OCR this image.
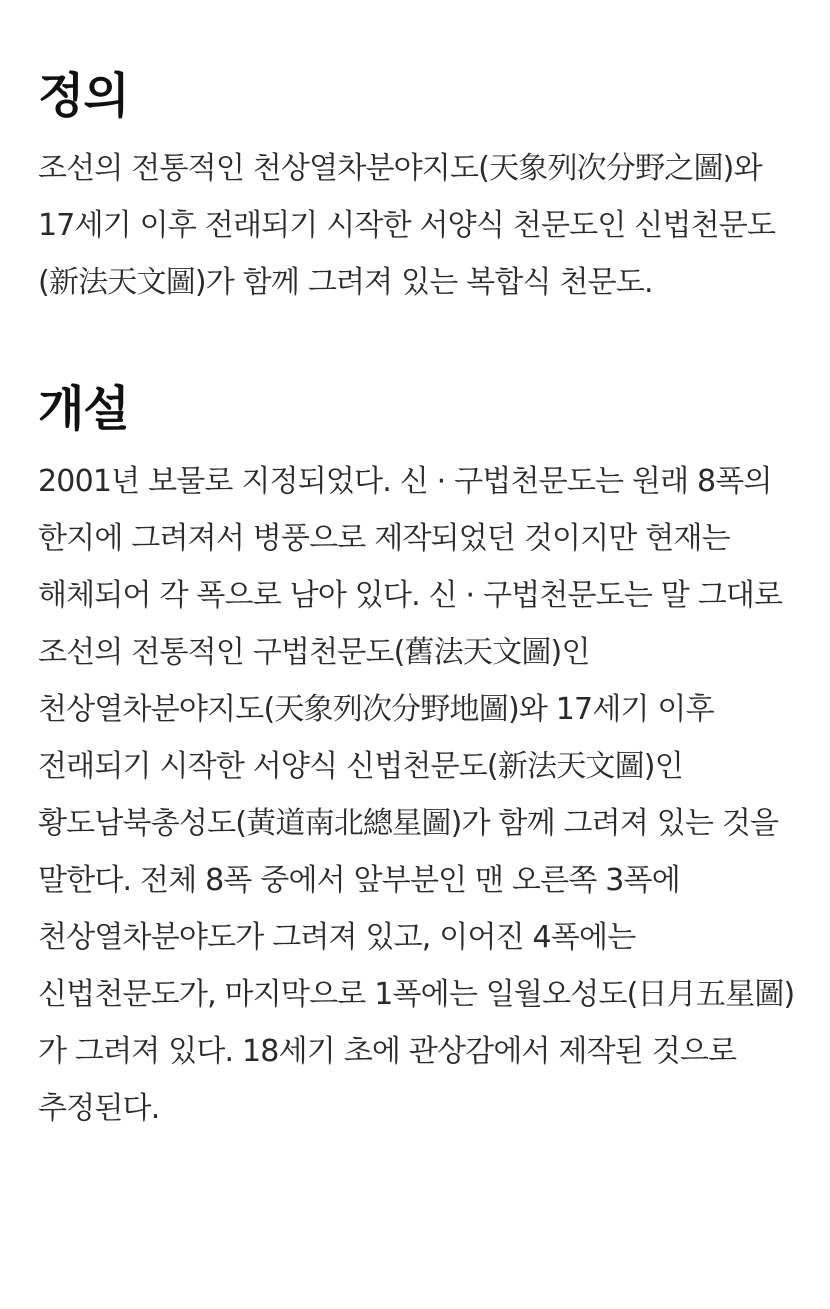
정의

조선의 전통적인 천상열차분야지도(天象列次分野之圖)와 17세기 이후 전래되기 시작한 서양식 천문도인 신법천문도(新法天文圖)가 함께 그려져 있는 복합식 천문도.

개설

2001년 보물로 지정되었다. 신 · 구법천문도는 원래 8폭의 한지에 그려져서 병풍으로 제작되었던 것이지만 현재는 해체되어 각 폭으로 남아 있다. 신 · 구법천문도는 말 그대로 조선의 전통적인 구법천문도(舊法天文圖)인 천상열차분야지도(天象列次分野地圖)와 17세기 이후 전래되기 시작한 서양식 신법천문도(新法天文圖)인 황도남북총성도(黃道南北總星圖)가 함께 그려져 있는 것을 말한다. 전체 8폭 중에서 앞부분인 맨 오른쪽 3폭에 천상열차분야도가 그려져 있고, 이어진 4폭에는 신법천문도가, 마지막으로 1폭에는 일월오성도(日月五星圖)가 그려져 있다. 18세기 초에 관상감에서 제작된 것으로 추정된다.
